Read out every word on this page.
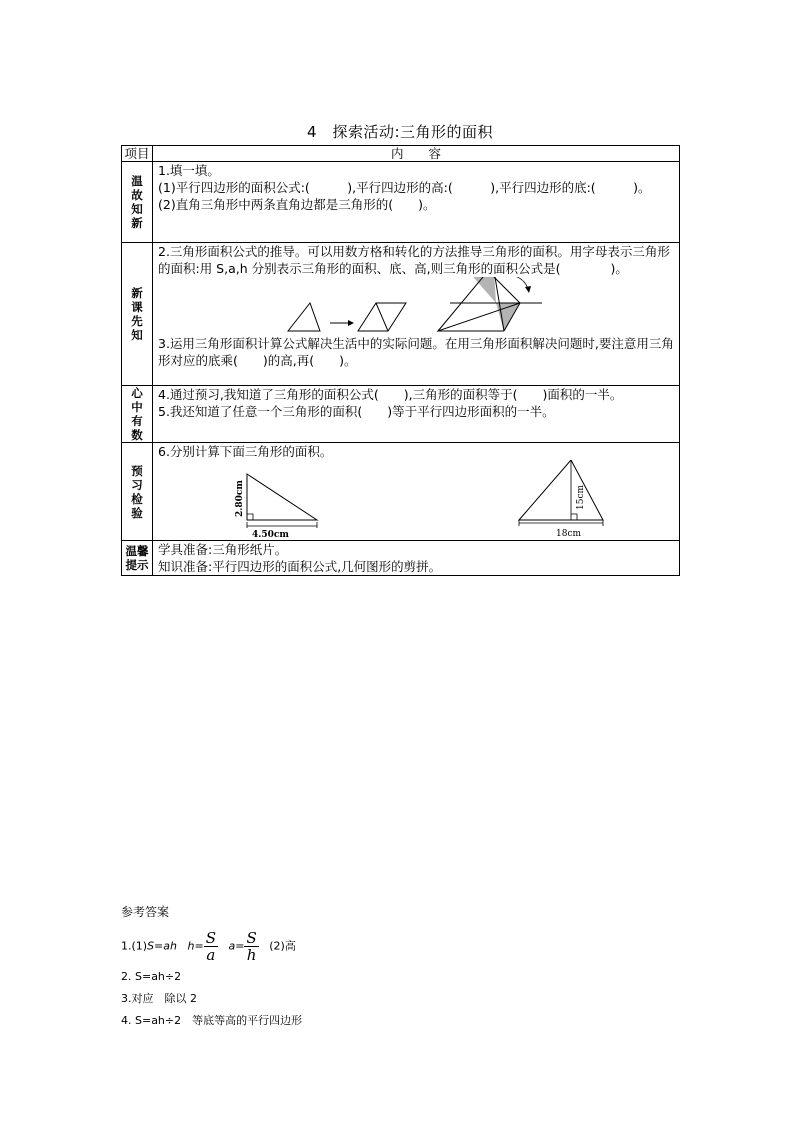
4　探索活动:三角形的面积
项目	内　　容
温故知新	1.填一填。

(1)平行四边形的面积公式:(　　　),平行四边形的高:(　　　),平行四边形的底:(　　　)。

(2)直角三角形中两条直角边都是三角形的(　　)。

新课先知	2.三角形面积公式的推导。可以用数方格和转化的方法推导三角形的面积。用字母表示三角形的面积:用 S,a,h 分别表示三角形的面积、底、高,则三角形的面积公式是(　　　　)。

3.运用三角形面积计算公式解决生活中的实际问题。在用三角形面积解决问题时,要注意用三角形对应的底乘(　　)的高,再(　　)。

心中有数	4.通过预习,我知道了三角形的面积公式(　　),三角形的面积等于(　　)面积的一半。

5.我还知道了任意一个三角形的面积(　　)等于平行四边形面积的一半。

预习检验	6.分别计算下面三角形的面积。

4.50cm
2.80cm
18cm
15cm

温馨提示	学具准备:三角形纸片。

知识准备:平行四边形的面积公式,几何图形的剪拼。

参考答案
1.(1)S=ah $h= \frac{S}{a} a= \frac{S}{h} (2)$高
2. S=ah÷2
3.对应　除以 2
4. S=ah÷2　等底等高的平行四边形
